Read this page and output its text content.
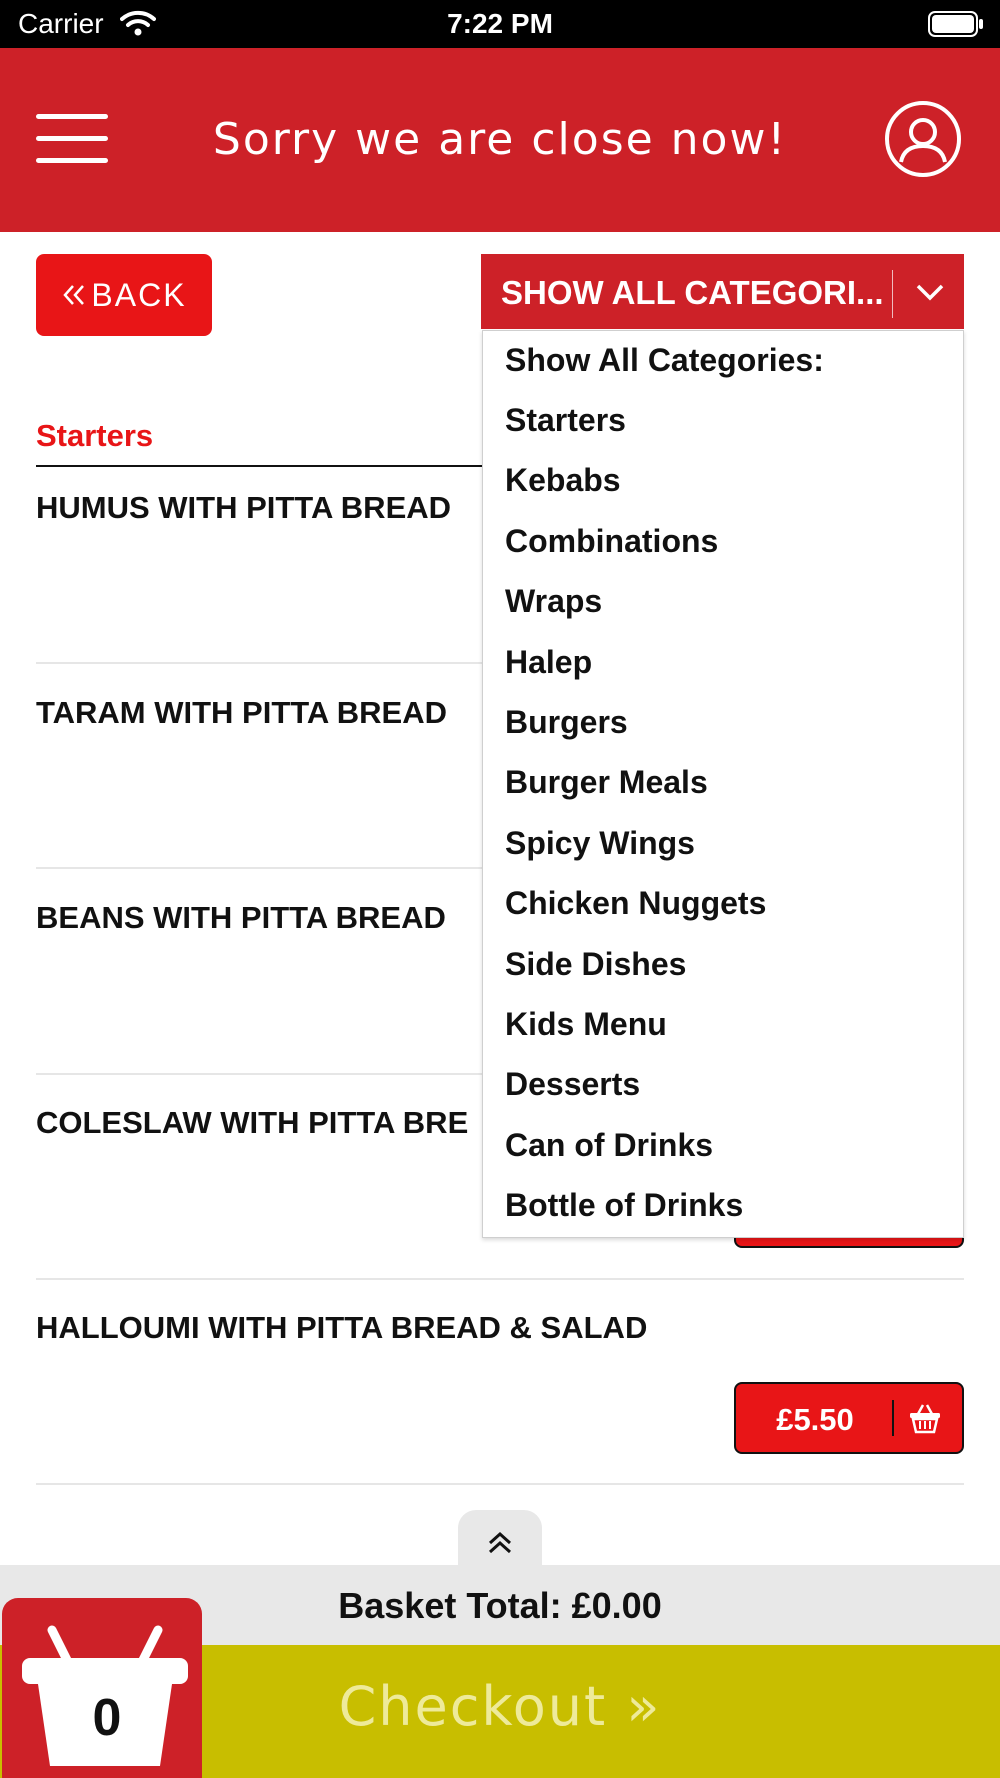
Carrier	7:22 PM
Sorry we are close now!
BACK	SHOW ALL CATEGORI...
Starters
HUMUS WITH PITTA BREAD
TARAM WITH PITTA BREAD
BEANS WITH PITTA BREAD
COLESLAW WITH PITTA BRE
HALLOUMI WITH PITTA BREAD & SALAD
£5.50
Show All Categories:
Starters
Kebabs
Combinations
Wraps
Halep
Burgers
Burger Meals
Spicy Wings
Chicken Nuggets
Side Dishes
Kids Menu
Desserts
Can of Drinks
Bottle of Drinks
Basket Total: £0.00
Checkout »
0
